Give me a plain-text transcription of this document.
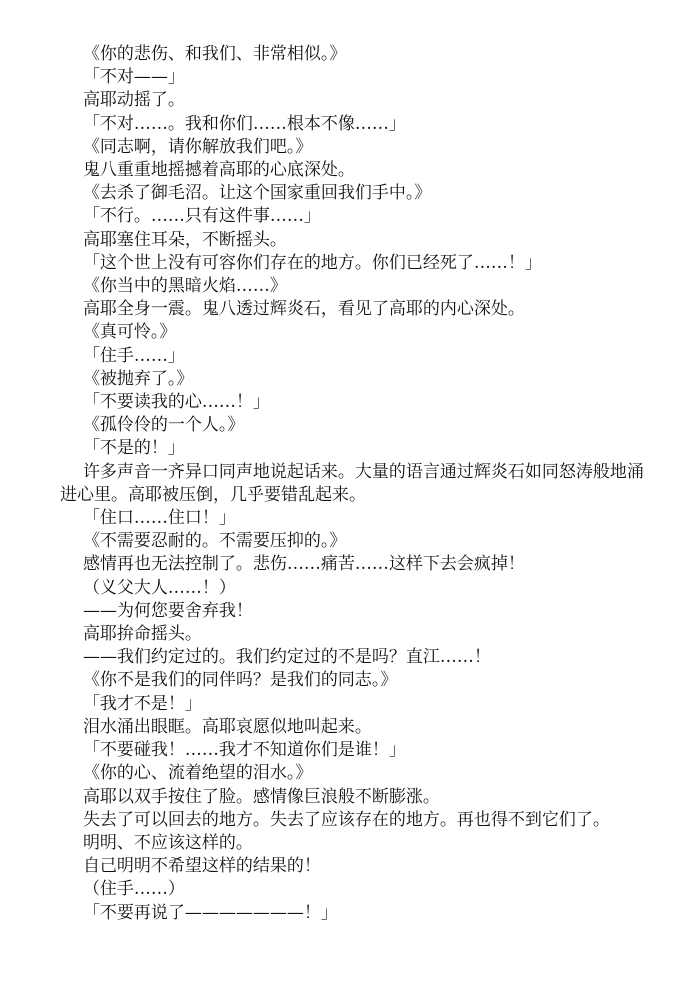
《你的悲伤、和我们、非常相似。》

「不对——」

高耶动摇了。

「不对……。我和你们……根本不像……」

《同志啊，请你解放我们吧。》

鬼八重重地摇撼着高耶的心底深处。

《去杀了御毛沼。让这个国家重回我们手中。》

「不行。……只有这件事……」

高耶塞住耳朵，不断摇头。

「这个世上没有可容你们存在的地方。你们已经死了……！」

《你当中的黑暗火焰……》

高耶全身一震。鬼八透过辉炎石，看见了高耶的内心深处。

《真可怜。》

「住手……」

《被抛弃了。》

「不要读我的心……！」

《孤伶伶的一个人。》

「不是的！」

许多声音一齐异口同声地说起话来。大量的语言通过辉炎石如同怒涛般地涌进心里。高耶被压倒，几乎要错乱起来。

「住口……住口！」

《不需要忍耐的。不需要压抑的。》

感情再也无法控制了。悲伤……痛苦……这样下去会疯掉！

（义父大人……！）

——为何您要舍弃我！

高耶拚命摇头。

——我们约定过的。我们约定过的不是吗？直江……！

《你不是我们的同伴吗？是我们的同志。》

「我才不是！」

泪水涌出眼眶。高耶哀愿似地叫起来。

「不要碰我！……我才不知道你们是谁！」

《你的心、流着绝望的泪水。》

高耶以双手按住了脸。感情像巨浪般不断膨涨。

失去了可以回去的地方。失去了应该存在的地方。再也得不到它们了。

明明、不应该这样的。

自己明明不希望这样的结果的！

（住手……）

「不要再说了———————！」
